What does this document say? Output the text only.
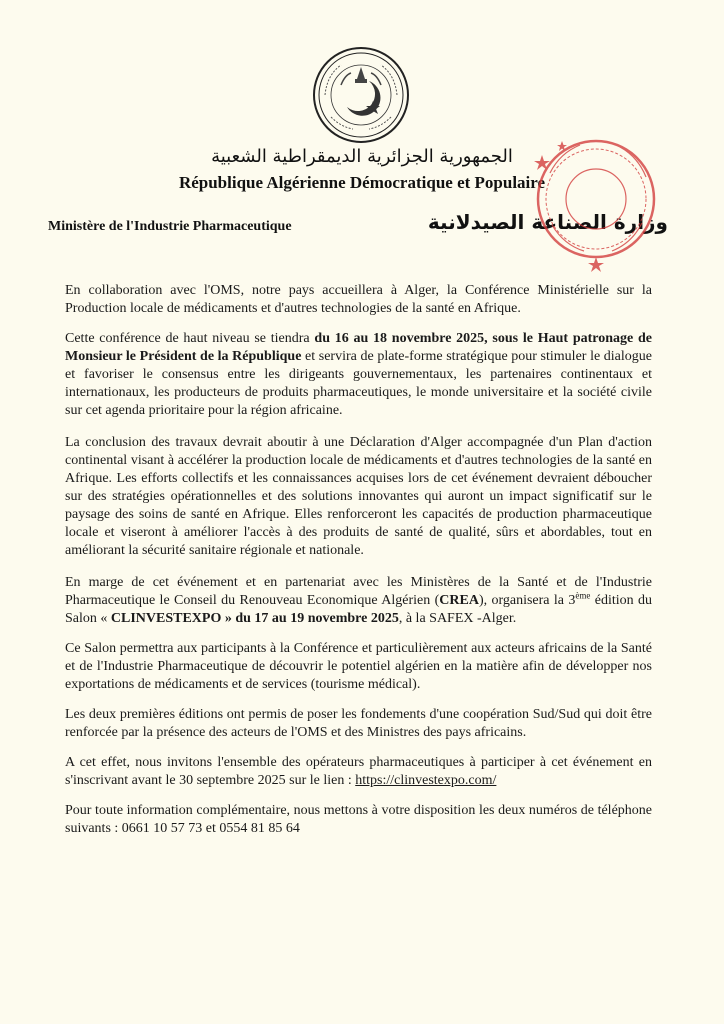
الجمهورية الجزائرية الديمقراطية الشعبية
République Algérienne Démocratique et Populaire
Ministère de l'Industrie Pharmaceutique	وزارة الصناعة الصيدلانية

En collaboration avec l'OMS, notre pays accueillera à Alger, la Conférence Ministérielle sur la Production locale de médicaments et d'autres technologies de la santé en Afrique.

Cette conférence de haut niveau se tiendra du 16 au 18 novembre 2025, sous le Haut patronage de Monsieur le Président de la République et servira de plate-forme stratégique pour stimuler le dialogue et favoriser le consensus entre les dirigeants gouvernementaux, les partenaires continentaux et internationaux, les producteurs de produits pharmaceutiques, le monde universitaire et la société civile sur cet agenda prioritaire pour la région africaine.

La conclusion des travaux devrait aboutir à une Déclaration d'Alger accompagnée d'un Plan d'action continental visant à accélérer la production locale de médicaments et d'autres technologies de la santé en Afrique. Les efforts collectifs et les connaissances acquises lors de cet événement devraient déboucher sur des stratégies opérationnelles et des solutions innovantes qui auront un impact significatif sur le paysage des soins de santé en Afrique. Elles renforceront les capacités de production pharmaceutique locale et viseront à améliorer l'accès à des produits de santé de qualité, sûrs et abordables, tout en améliorant la sécurité sanitaire régionale et nationale.

En marge de cet événement et en partenariat avec les Ministères de la Santé et de l'Industrie Pharmaceutique le Conseil du Renouveau Economique Algérien (CREA), organisera la 3ème édition du Salon « CLINVESTEXPO » du 17 au 19 novembre 2025, à la SAFEX -Alger.

Ce Salon permettra aux participants à la Conférence et particulièrement aux acteurs africains de la Santé et de l'Industrie Pharmaceutique de découvrir le potentiel algérien en la matière afin de développer nos exportations de médicaments et de services (tourisme médical).

Les deux premières éditions ont permis de poser les fondements d'une coopération Sud/Sud qui doit être renforcée par la présence des acteurs de l'OMS et des Ministres des pays africains.

A cet effet, nous invitons l'ensemble des opérateurs pharmaceutiques à participer à cet événement en s'inscrivant avant le 30 septembre 2025 sur le lien : https://clinvestexpo.com/

Pour toute information complémentaire, nous mettons à votre disposition les deux numéros de téléphone suivants : 0661 10 57 73 et 0554 81 85 64
